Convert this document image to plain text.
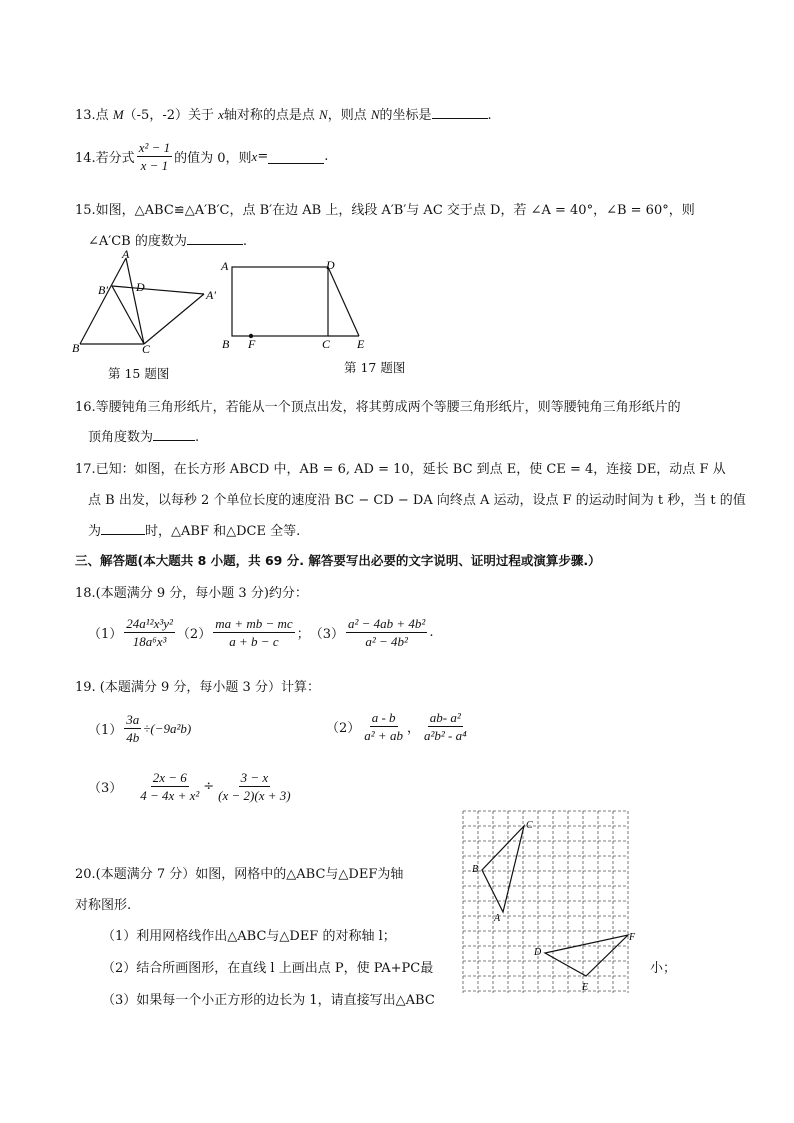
13.点 M（-5，-2）关于 x轴对称的点是点 N，则点 N的坐标是	.
14.若分式
x² − 1
x − 1 的值为 0，则 x =	.
15.如图，△ABC≌△A′B′C，点 B′在边 AB 上，线段 A′B′与 AC 交于点 D，若 ∠A = 40°，∠B = 60°，则
∠A′CB 的度数为	.
A
B′ D
A′
B	C
第 15 题图
A	D
B F	C E
第 17 题图
16.等腰钝角三角形纸片，若能从一个顶点出发，将其剪成两个等腰三角形纸片，则等腰钝角三角形纸片的
顶角度数为	.
17.已知：如图，在长方形 ABCD 中，AB = 6, AD = 10，延长 BC 到点 E，使 CE = 4，连接 DE，动点 F 从
点 B 出发，以每秒 2 个单位长度的速度沿 BC − CD − DA 向终点 A 运动，设点 F 的运动时间为 t 秒，当 t 的值
为	时，△ABF 和△DCE 全等.
三、解答题(本大题共 8 小题，共 69 分. 解答要写出必要的文字说明、证明过程或演算步骤.）
18.(本题满分 9 分，每小题 3 分)约分：
（1）
24a¹²x³y²
18a⁶x³ （2）
ma + mb − mc
a + b − c ； （3）
a² − 4ab + 4b²
a² − 4b²
.
19. (本题满分 9 分，每小题 3 分）计算：
$(1) \frac{3a}{4b} \div(-9a^2b)$	（2）
a - b
a² + ab ，
ab- a²
a²b² - a⁴
$(3) \frac{2x - 6}{\text{4 − 4x + x²}} \div \frac{3 - x}{(x - 2)(x + 3)}$
20.(本题满分 7 分）如图，网格中的△ABC与△DEF为轴
对称图形.
（1）利用网格线作出△ABC与△DEF 的对称轴 l；
（2）结合所画图形，在直线 l 上画出点 P，使 PA+PC最	小；
（3）如果每一个小正方形的边长为 1，请直接写出△ABC
C
B
A
D
F
E
